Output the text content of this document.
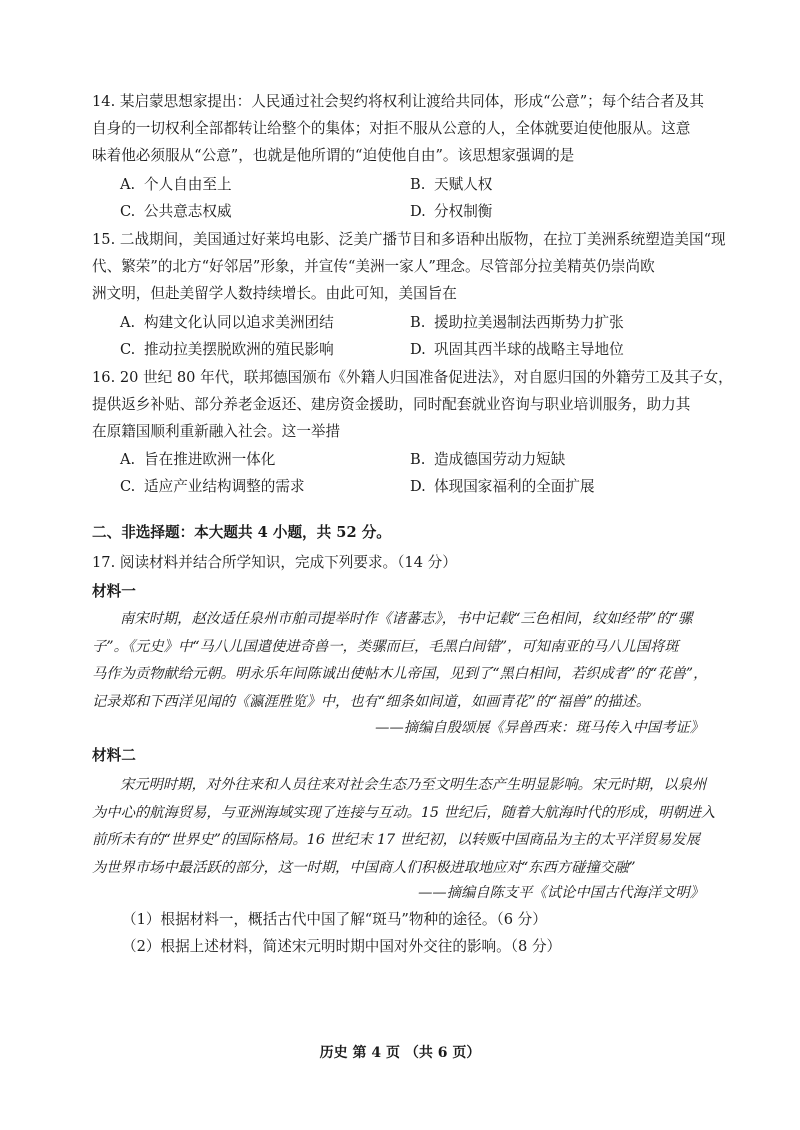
14. 某启蒙思想家提出：人民通过社会契约将权利让渡给共同体，形成“公意”；每个结合者及其
自身的一切权利全部都转让给整个的集体；对拒不服从公意的人，全体就要迫使他服从。这意
味着他必须服从“公意”，也就是他所谓的“迫使他自由”。该思想家强调的是
A. 个人自由至上	B. 天赋人权
C. 公共意志权威	D. 分权制衡
15. 二战期间，美国通过好莱坞电影、泛美广播节目和多语种出版物，在拉丁美洲系统塑造美国“现
代、繁荣”的北方“好邻居”形象，并宣传“美洲一家人”理念。尽管部分拉美精英仍崇尚欧
洲文明，但赴美留学人数持续增长。由此可知，美国旨在
A. 构建文化认同以追求美洲团结	B. 援助拉美遏制法西斯势力扩张
C. 推动拉美摆脱欧洲的殖民影响	D. 巩固其西半球的战略主导地位
16. 20 世纪 80 年代，联邦德国颁布《外籍人归国准备促进法》，对自愿归国的外籍劳工及其子女，
提供返乡补贴、部分养老金返还、建房资金援助，同时配套就业咨询与职业培训服务，助力其
在原籍国顺利重新融入社会。这一举措
A. 旨在推进欧洲一体化	B. 造成德国劳动力短缺
C. 适应产业结构调整的需求	D. 体现国家福利的全面扩展
二、非选择题：本大题共 4 小题，共 52 分。
17. 阅读材料并结合所学知识，完成下列要求。（14 分）
材料一
南宋时期，赵汝适任泉州市舶司提举时作《诸蕃志》，书中记载“三色相间，纹如经带”的“骡
子”。《元史》中“马八儿国遣使进奇兽一，类骡而巨，毛黑白间错”，可知南亚的马八儿国将斑
马作为贡物献给元朝。明永乐年间陈诚出使帖木儿帝国，见到了“黑白相间，若织成者”的“花兽”，
记录郑和下西洋见闻的《瀛涯胜览》中，也有“细条如间道，如画青花”的“福兽”的描述。
——摘编自殷颂展《异兽西来：斑马传入中国考证》
材料二
宋元明时期，对外往来和人员往来对社会生态乃至文明生态产生明显影响。宋元时期，以泉州
为中心的航海贸易，与亚洲海域实现了连接与互动。15 世纪后，随着大航海时代的形成，明朝进入
前所未有的“世界史”的国际格局。16 世纪末 17 世纪初，以转贩中国商品为主的太平洋贸易发展
为世界市场中最活跃的部分，这一时期，中国商人们积极进取地应对“东西方碰撞交融”
——摘编自陈支平《试论中国古代海洋文明》
（1）根据材料一，概括古代中国了解“斑马”物种的途径。（6 分）
（2）根据上述材料，简述宋元明时期中国对外交往的影响。（8 分）
历史 第 4 页 （共 6 页）
